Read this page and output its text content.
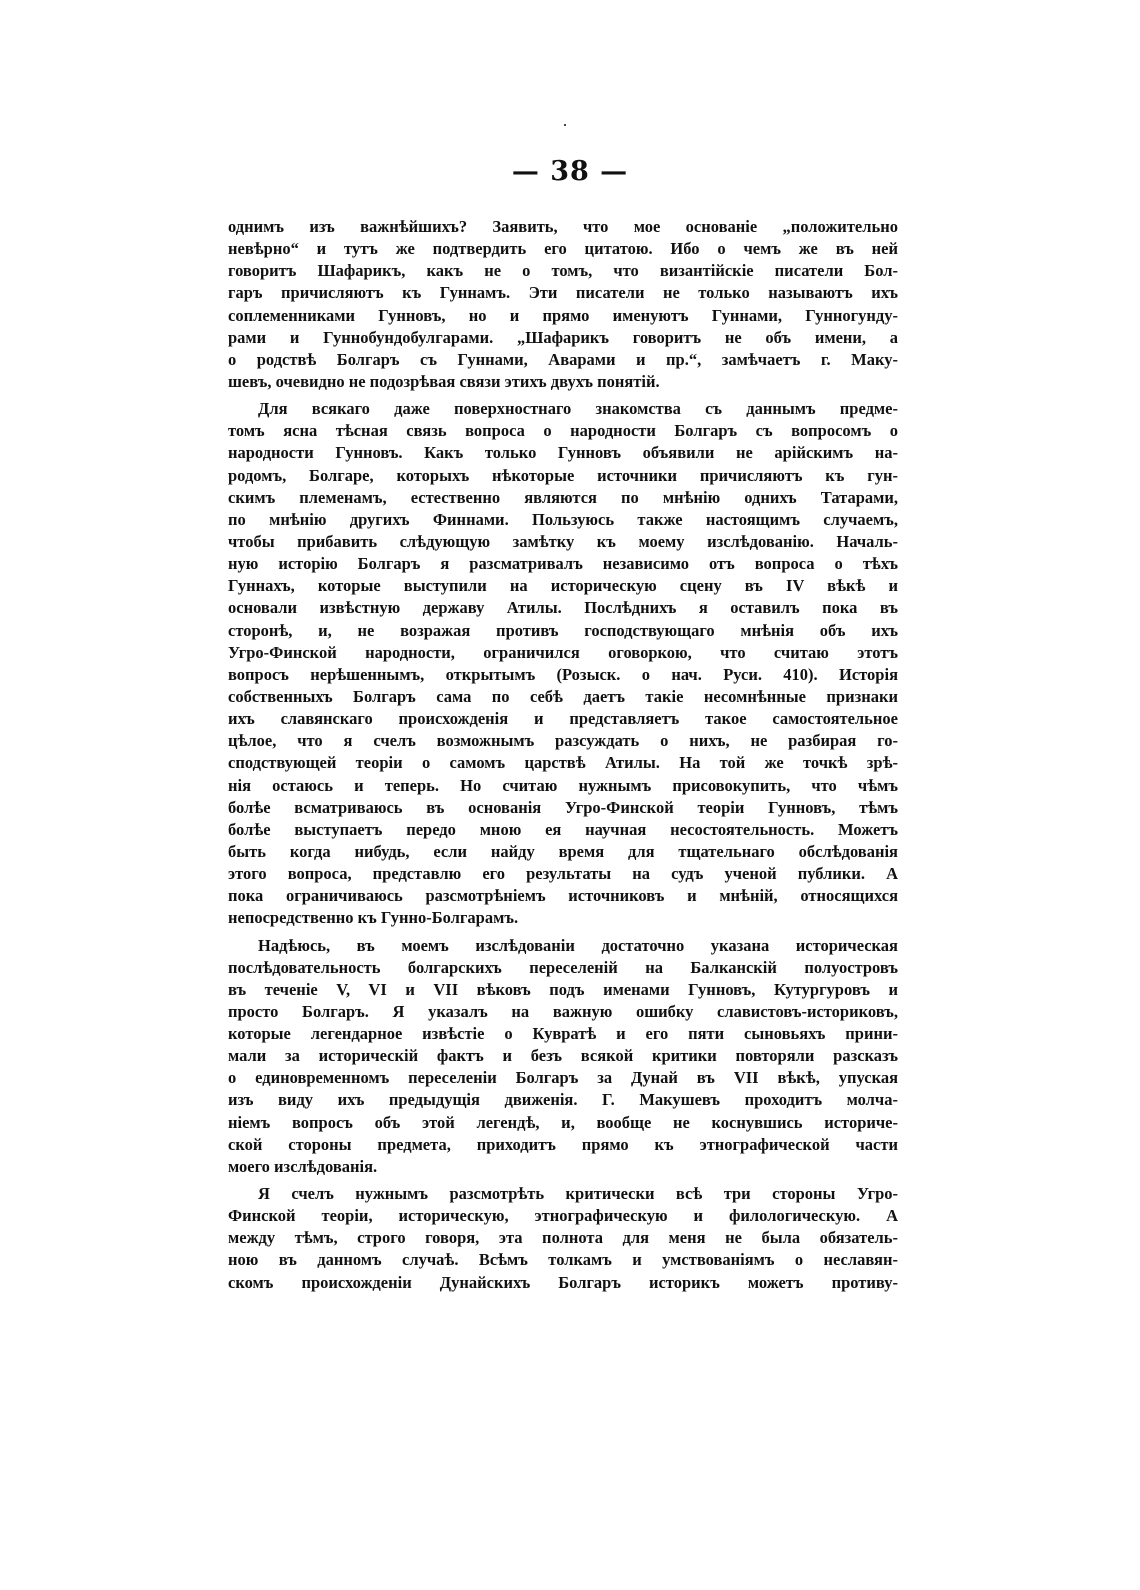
— 38 —
однимъ изъ важнѣйшихъ? Заявить, что мое основаніе „положительно
невѣрно“ и тутъ же подтвердить его цитатою. Ибо о чемъ же въ ней
говоритъ Шафарикъ, какъ не о томъ, что византійскіе писатели Бол-
гаръ причисляютъ къ Гуннамъ. Эти писатели не только называютъ ихъ
соплеменниками Гунновъ, но и прямо именуютъ Гуннами, Гунногунду-
рами и Гуннобундобулгарами. „Шафарикъ говоритъ не объ имени, а
о родствѣ Болгаръ съ Гуннами, Аварами и пр.“, замѣчаетъ г. Маку-
шевъ, очевидно не подозрѣвая связи этихъ двухъ понятій.
Для всякаго даже поверхностнаго знакомства съ даннымъ предме-
томъ ясна тѣсная связь вопроса о народности Болгаръ съ вопросомъ о
народности Гунновъ. Какъ только Гунновъ объявили не арійскимъ на-
родомъ, Болгаре, которыхъ нѣкоторые источники причисляютъ къ гун-
скимъ племенамъ, естественно являются по мнѣнію однихъ Татарами,
по мнѣнію другихъ Финнами. Пользуюсь также настоящимъ случаемъ,
чтобы прибавить слѣдующую замѣтку къ моему изслѣдованію. Началь-
ную исторію Болгаръ я разсматривалъ независимо отъ вопроса о тѣхъ
Гуннахъ, которые выступили на историческую сцену въ IV вѣкѣ и
основали извѣстную державу Атилы. Послѣднихъ я оставилъ пока въ
сторонѣ, и, не возражая противъ господствующаго мнѣнія объ ихъ
Угро-Финской народности, ограничился оговоркою, что считаю этотъ
вопросъ нерѣшеннымъ, открытымъ (Розыск. о нач. Руси. 410). Исторія
собственныхъ Болгаръ сама по себѣ даетъ такіе несомнѣнные признаки
ихъ славянскаго происхожденія и представляетъ такое самостоятельное
цѣлое, что я счелъ возможнымъ разсуждать о нихъ, не разбирая го-
сподствующей теоріи о самомъ царствѣ Атилы. На той же точкѣ зрѣ-
нія остаюсь и теперь. Но считаю нужнымъ присовокупить, что чѣмъ
болѣе всматриваюсь въ основанія Угро-Финской теоріи Гунновъ, тѣмъ
болѣе выступаетъ передо мною ея научная несостоятельность. Можетъ
быть когда нибудь, если найду время для тщательнаго обслѣдованія
этого вопроса, представлю его результаты на судъ ученой публики. А
пока ограничиваюсь разсмотрѣніемъ источниковъ и мнѣній, относящихся
непосредственно къ Гунно-Болгарамъ.
Надѣюсь, въ моемъ изслѣдованіи достаточно указана историческая
послѣдовательность болгарскихъ переселеній на Балканскій полуостровъ
въ теченіе V, VI и VII вѣковъ подъ именами Гунновъ, Кутургуровъ и
просто Болгаръ. Я указалъ на важную ошибку славистовъ-историковъ,
которые легендарное извѣстіе о Кувратѣ и его пяти сыновьяхъ прини-
мали за историческій фактъ и безъ всякой критики повторяли разсказъ
о единовременномъ переселеніи Болгаръ за Дунай въ VII вѣкѣ, упуская
изъ виду ихъ предыдущія движенія. Г. Макушевъ проходитъ молча-
ніемъ вопросъ объ этой легендѣ, и, вообще не коснувшись историче-
ской стороны предмета, приходитъ прямо къ этнографической части
моего изслѣдованія.
Я счелъ нужнымъ разсмотрѣть критически всѣ три стороны Угро-
Финской теоріи, историческую, этнографическую и филологическую. А
между тѣмъ, строго говоря, эта полнота для меня не была обязатель-
ною въ данномъ случаѣ. Всѣмъ толкамъ и умствованіямъ о неславян-
скомъ происхожденіи Дунайскихъ Болгаръ историкъ можетъ противу-
